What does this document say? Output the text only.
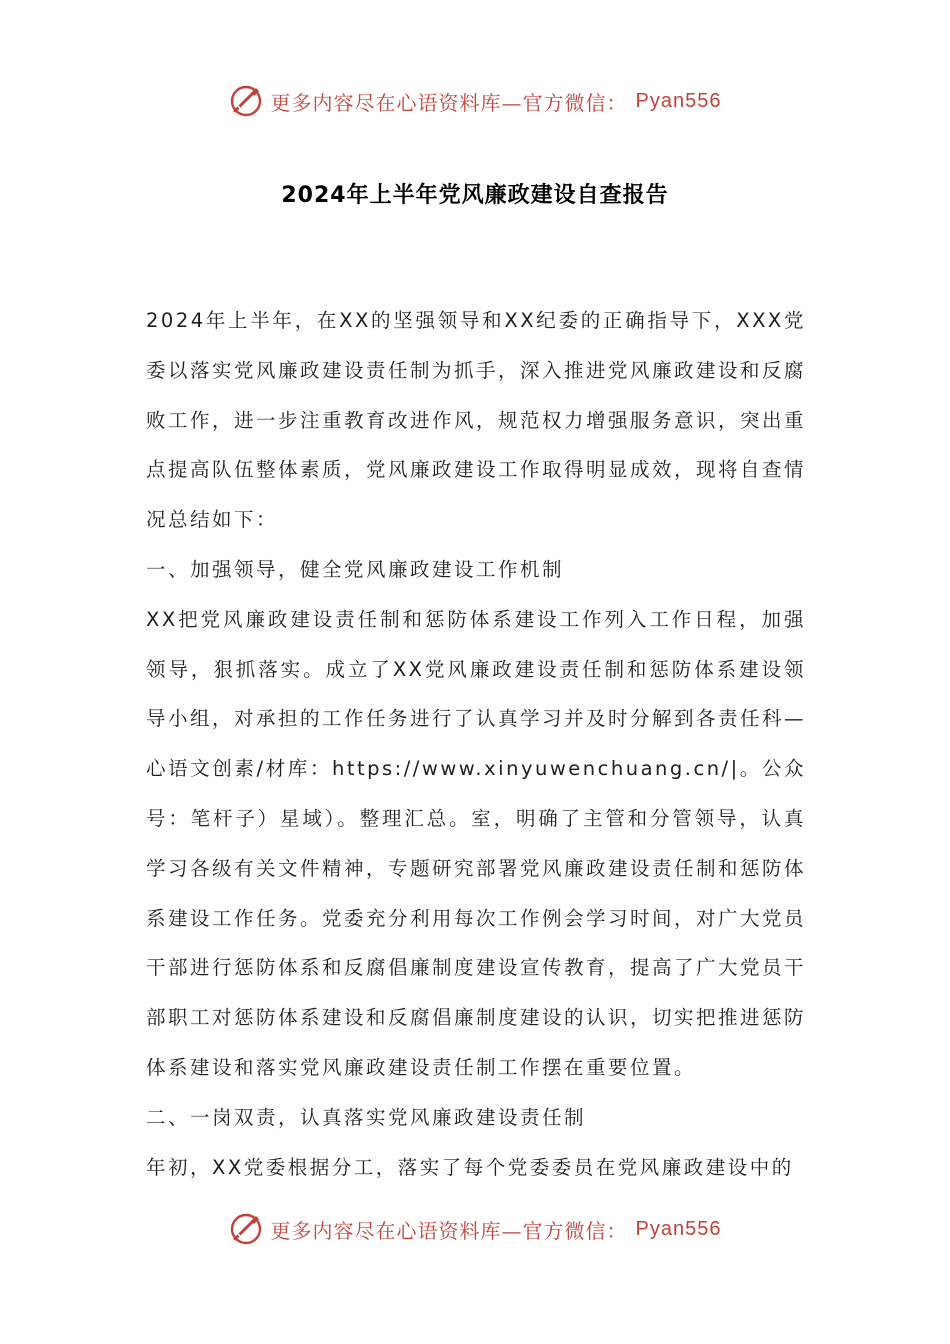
更多内容尽在心语资料库—官方微信： Pyan556
2024年上半年党风廉政建设自查报告

2024年上半年，在XX的坚强领导和XX纪委的正确指导下，XXX党委以落实党风廉政建设责任制为抓手，深入推进党风廉政建设和反腐败工作，进一步注重教育改进作风，规范权力增强服务意识，突出重点提高队伍整体素质，党风廉政建设工作取得明显成效，现将自查情况总结如下：

一、加强领导，健全党风廉政建设工作机制

XX把党风廉政建设责任制和惩防体系建设工作列入工作日程，加强领导，狠抓落实。成立了XX党风廉政建设责任制和惩防体系建设领导小组，对承担的工作任务进行了认真学习并及时分解到各责任科—心语文创素/材库：https://www.xinyuwenchuang.cn/|。公众号：笔杆子）星域）。整理汇总。室，明确了主管和分管领导，认真学习各级有关文件精神，专题研究部署党风廉政建设责任制和惩防体系建设工作任务。党委充分利用每次工作例会学习时间，对广大党员干部进行惩防体系和反腐倡廉制度建设宣传教育，提高了广大党员干部职工对惩防体系建设和反腐倡廉制度建设的认识，切实把推进惩防体系建设和落实党风廉政建设责任制工作摆在重要位置。

二、一岗双责，认真落实党风廉政建设责任制

年初，XX党委根据分工，落实了每个党委委员在党风廉政建设中的

更多内容尽在心语资料库—官方微信： Pyan556
